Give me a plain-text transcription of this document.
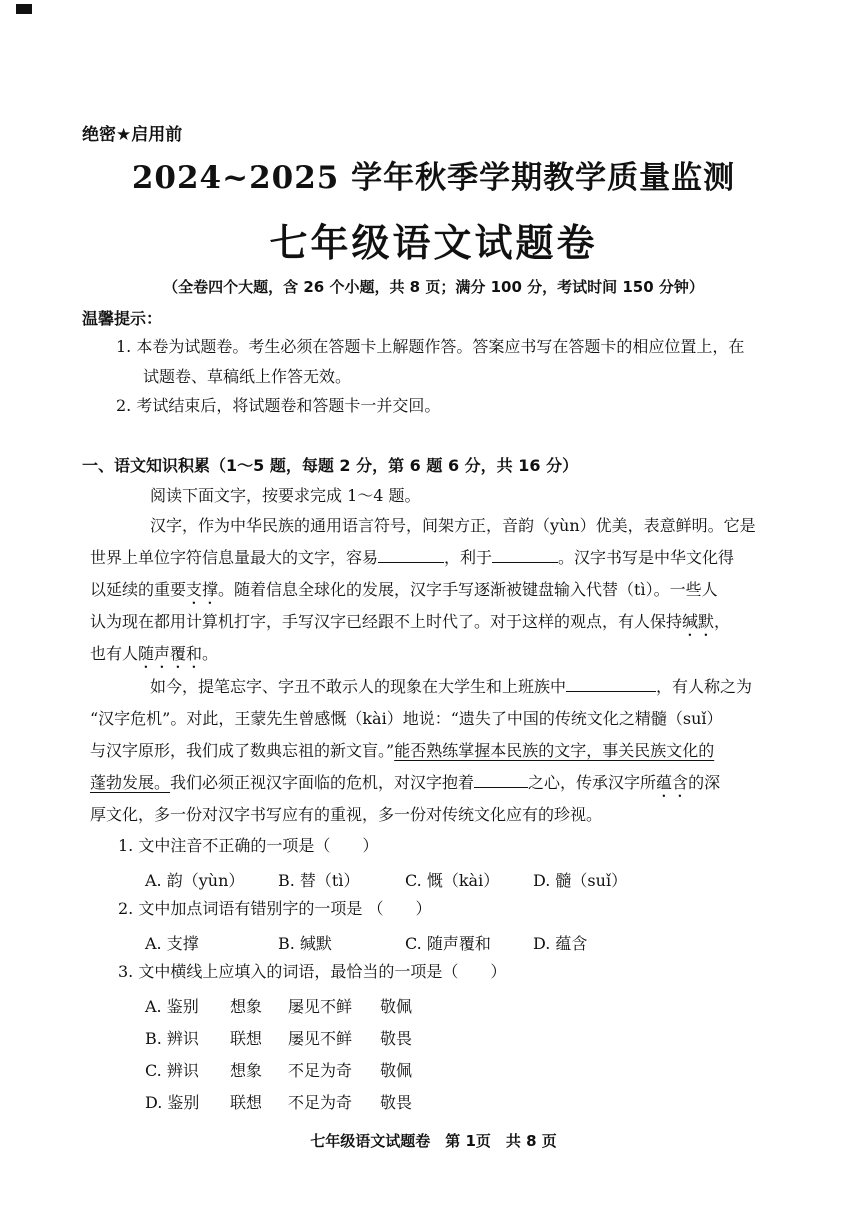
绝密★启用前
2024~2025 学年秋季学期教学质量监测
七年级语文试题卷
（全卷四个大题，含 26 个小题，共 8 页；满分 100 分，考试时间 150 分钟）
温馨提示：
1. 本卷为试题卷。考生必须在答题卡上解题作答。答案应书写在答题卡的相应位置上，在
试题卷、草稿纸上作答无效。
2. 考试结束后，将试题卷和答题卡一并交回。
一、语文知识积累（1～5 题，每题 2 分，第 6 题 6 分，共 16 分）
阅读下面文字，按要求完成 1～4 题。
汉字，作为中华民族的通用语言符号，间架方正，音韵（yùn）优美，表意鲜明。它是
世界上单位字符信息量最大的文字，容易	，利于	。汉字书写是中华文化得
以延续的重要支撑。随着信息全球化的发展，汉字手写逐渐被键盘输入代替（tì）。一些人
认为现在都用计算机打字，手写汉字已经跟不上时代了。对于这样的观点，有人保持缄默，
也有人随声覆和。
如今，提笔忘字、字丑不敢示人的现象在大学生和上班族中	，有人称之为
“汉字危机”。对此，王蒙先生曾感慨（kài）地说：“遗失了中国的传统文化之精髓（suǐ）
与汉字原形，我们成了数典忘祖的新文盲。”能否熟练掌握本民族的文字，事关民族文化的
蓬勃发展。我们必须正视汉字面临的危机，对汉字抱着	之心，传承汉字所蕴含的深
厚文化，多一份对汉字书写应有的重视，多一份对传统文化应有的珍视。
1. 文中注音不正确的一项是（　　）
A. 韵（yùn） B. 替（tì）	C. 慨（kài） D. 髓（suǐ）
2. 文中加点词语有错别字的一项是 （　　）
A. 支撑	B. 缄默	C. 随声覆和	D. 蕴含
3. 文中横线上应填入的词语，最恰当的一项是（　　）
A. 鉴别 想象 屡见不鲜 敬佩
B. 辨识 联想 屡见不鲜 敬畏
C. 辨识 想象 不足为奇 敬佩
D. 鉴别 联想 不足为奇 敬畏
七年级语文试题卷　第 1页　共 8 页
